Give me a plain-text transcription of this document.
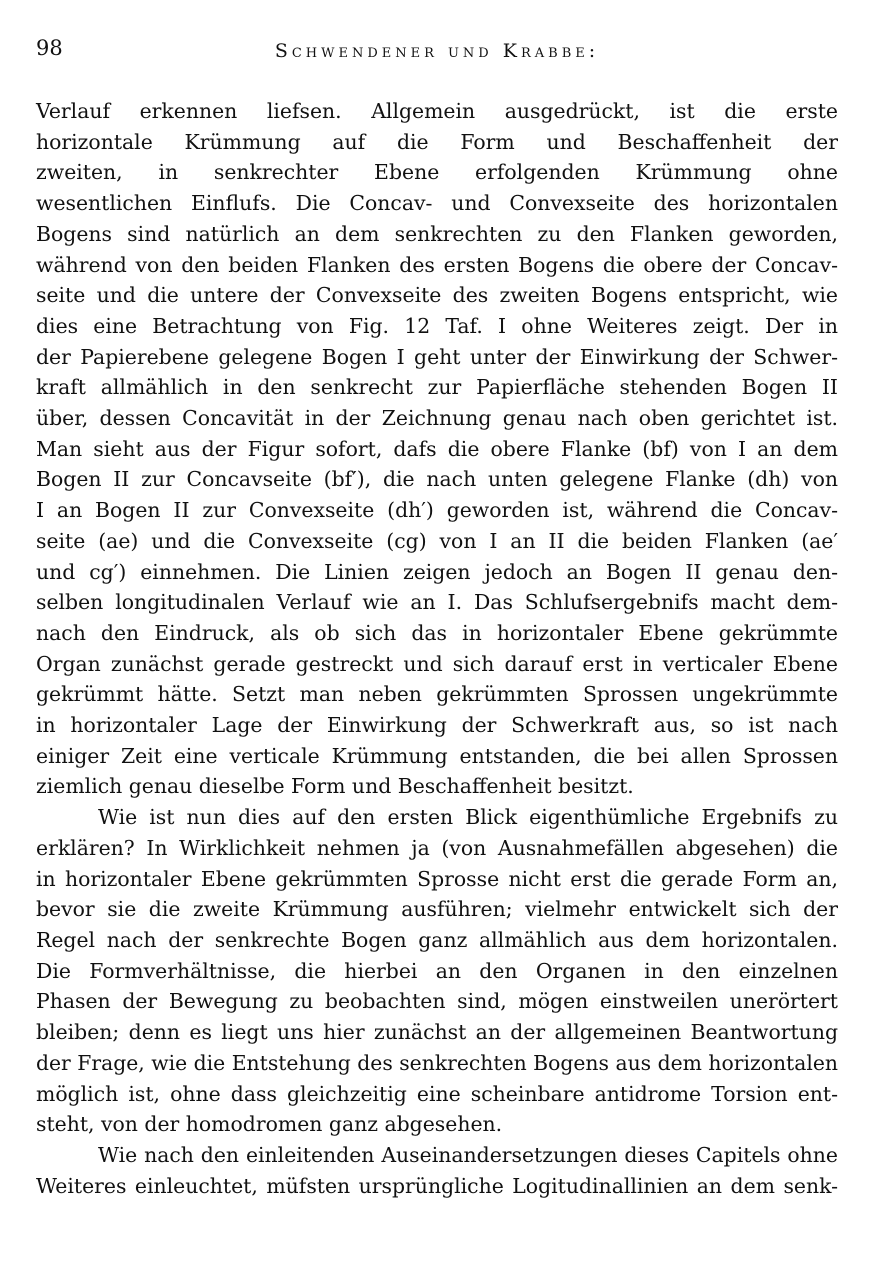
98	Schwendener und Krabbe:
Verlauf erkennen liefsen. Allgemein ausgedrückt, ist die erste
horizontale Krümmung auf die Form und Beschaffenheit der
zweiten, in senkrechter Ebene erfolgenden Krümmung ohne
wesentlichen Einflufs. Die Concav- und Convexseite des horizontalen
Bogens sind natürlich an dem senkrechten zu den Flanken geworden,
während von den beiden Flanken des ersten Bogens die obere der Concav-
seite und die untere der Convexseite des zweiten Bogens entspricht, wie
dies eine Betrachtung von Fig. 12 Taf. I ohne Weiteres zeigt. Der in
der Papierebene gelegene Bogen I geht unter der Einwirkung der Schwer-
kraft allmählich in den senkrecht zur Papierfläche stehenden Bogen II
über, dessen Concavität in der Zeichnung genau nach oben gerichtet ist.
Man sieht aus der Figur sofort, dafs die obere Flanke (bf) von I an dem
Bogen II zur Concavseite (bf′), die nach unten gelegene Flanke (dh) von
I an Bogen II zur Convexseite (dh′) geworden ist, während die Concav-
seite (ae) und die Convexseite (cg) von I an II die beiden Flanken (ae′
und cg′) einnehmen. Die Linien zeigen jedoch an Bogen II genau den-
selben longitudinalen Verlauf wie an I. Das Schlufsergebnifs macht dem-
nach den Eindruck, als ob sich das in horizontaler Ebene gekrümmte
Organ zunächst gerade gestreckt und sich darauf erst in verticaler Ebene
gekrümmt hätte. Setzt man neben gekrümmten Sprossen ungekrümmte
in horizontaler Lage der Einwirkung der Schwerkraft aus, so ist nach
einiger Zeit eine verticale Krümmung entstanden, die bei allen Sprossen
ziemlich genau dieselbe Form und Beschaffenheit besitzt.
Wie ist nun dies auf den ersten Blick eigenthümliche Ergebnifs zu
erklären? In Wirklichkeit nehmen ja (von Ausnahmefällen abgesehen) die
in horizontaler Ebene gekrümmten Sprosse nicht erst die gerade Form an,
bevor sie die zweite Krümmung ausführen; vielmehr entwickelt sich der
Regel nach der senkrechte Bogen ganz allmählich aus dem horizontalen.
Die Formverhältnisse, die hierbei an den Organen in den einzelnen
Phasen der Bewegung zu beobachten sind, mögen einstweilen unerörtert
bleiben; denn es liegt uns hier zunächst an der allgemeinen Beantwortung
der Frage, wie die Entstehung des senkrechten Bogens aus dem horizontalen
möglich ist, ohne dass gleichzeitig eine scheinbare antidrome Torsion ent-
steht, von der homodromen ganz abgesehen.
Wie nach den einleitenden Auseinandersetzungen dieses Capitels ohne
Weiteres einleuchtet, müfsten ursprüngliche Logitudinallinien an dem senk-
